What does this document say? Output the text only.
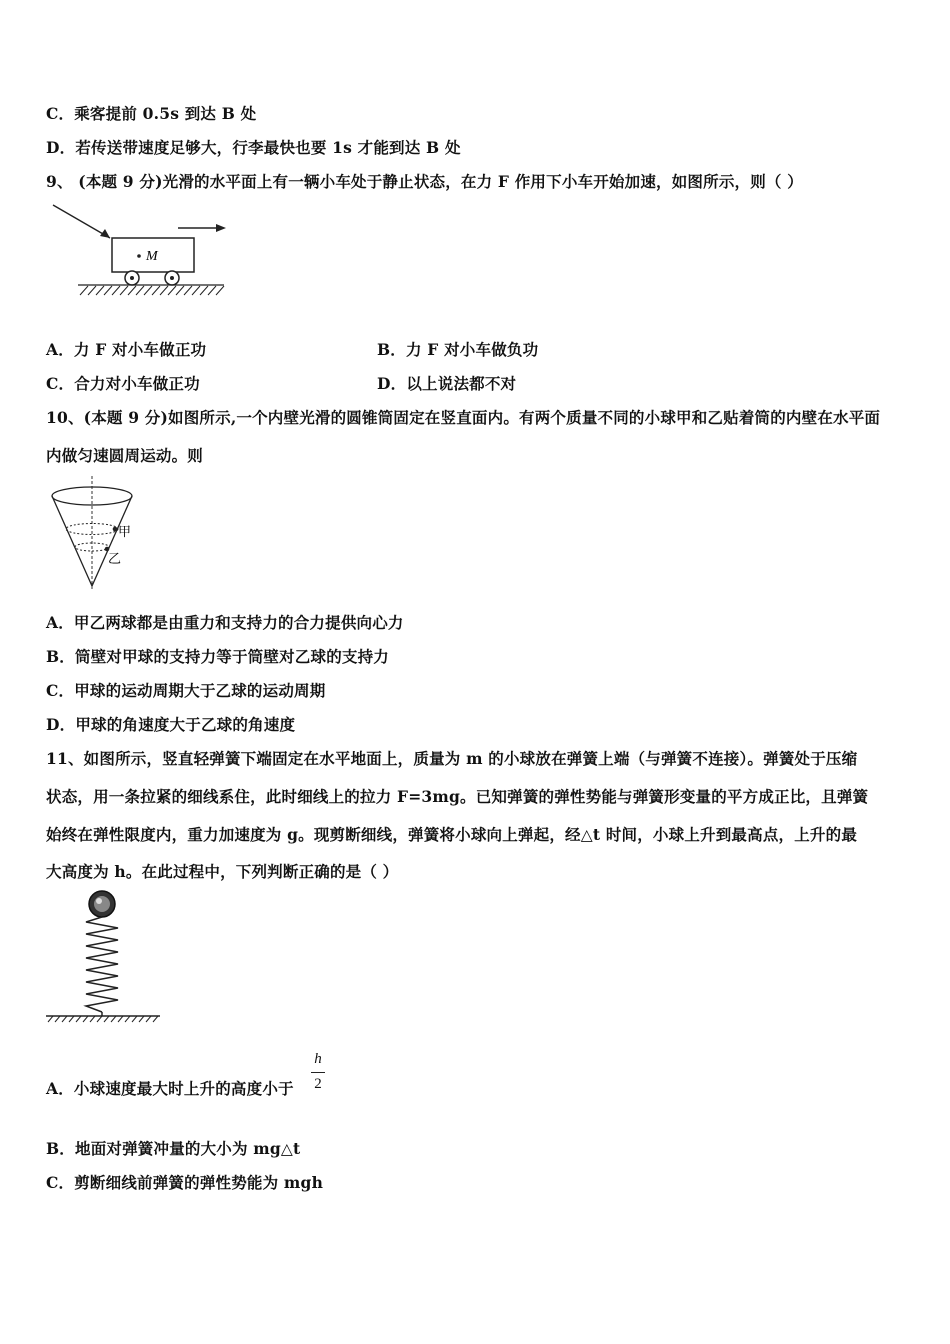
C．乘客提前 0.5s 到达 B 处
D．若传送带速度足够大，行李最快也要 1s 才能到达 B 处
9、 (本题 9 分)光滑的水平面上有一辆小车处于静止状态，在力 F 作用下小车开始加速，如图所示，则（ ）
M
A．力 F 对小车做正功	B．力 F 对小车做负功
C．合力对小车做正功	D．以上说法都不对
10、(本题 9 分)如图所示,一个内壁光滑的圆锥筒固定在竖直面内。有两个质量不同的小球甲和乙贴着筒的内壁在水平面
内做匀速圆周运动。则
甲
乙
A．甲乙两球都是由重力和支持力的合力提供向心力
B．筒壁对甲球的支持力等于筒壁对乙球的支持力
C．甲球的运动周期大于乙球的运动周期
D．甲球的角速度大于乙球的角速度
11、如图所示，竖直轻弹簧下端固定在水平地面上，质量为 m 的小球放在弹簧上端（与弹簧不连接）。弹簧处于压缩
状态，用一条拉紧的细线系住，此时细线上的拉力 F=3mg。已知弹簧的弹性势能与弹簧形变量的平方成正比，且弹簧
始终在弹性限度内，重力加速度为 g。现剪断细线，弹簧将小球向上弹起，经△t 时间，小球上升到最高点，上升的最
大高度为 h。在此过程中，下列判断正确的是（ ）
A．小球速度最大时上升的高度小于
h
2
B．地面对弹簧冲量的大小为 mg△t
C．剪断细线前弹簧的弹性势能为 mgh
